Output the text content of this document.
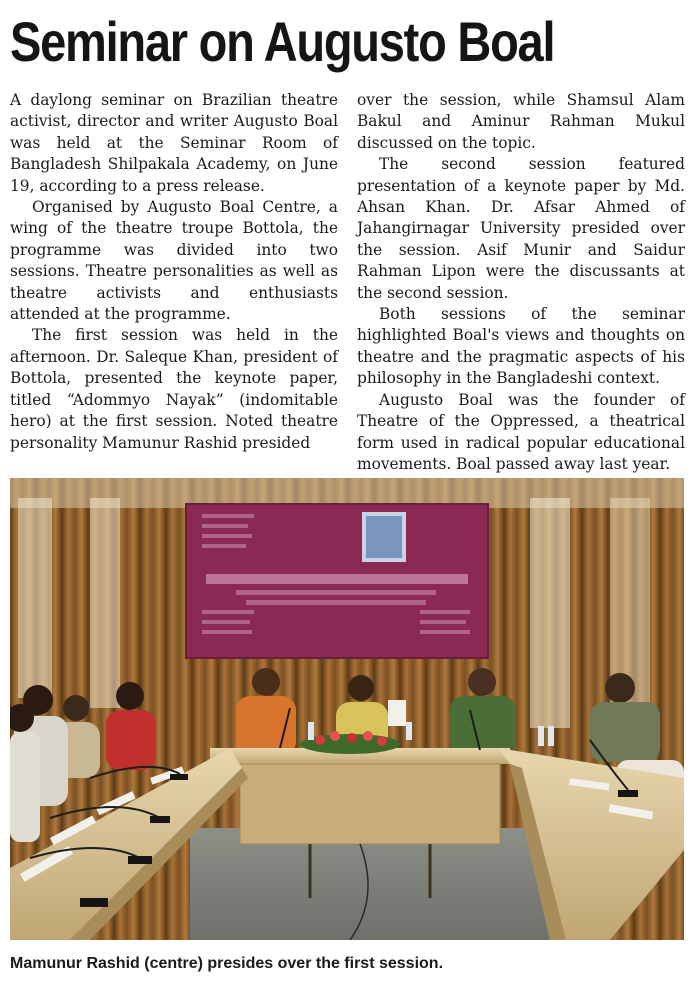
Seminar on Augusto Boal

A daylong seminar on Brazilian theatre activist, director and writer Augusto Boal was held at the Seminar Room of Bangladesh Shilpakala Academy, on June 19, according to a press release.

Organised by Augusto Boal Centre, a wing of the theatre troupe Bottola, the programme was divided into two sessions. Theatre personalities as well as theatre activists and enthusiasts attended at the programme.

The first session was held in the afternoon. Dr. Saleque Khan, president of Bottola, presented the keynote paper, titled “Adommyo Nayak” (indomitable hero) at the first session. Noted theatre personality Mamunur Rashid presided

over the session, while Shamsul Alam Bakul and Aminur Rahman Mukul discussed on the topic.

The second session featured presentation of a keynote paper by Md. Ahsan Khan. Dr. Afsar Ahmed of Jahangirnagar University presided over the session. Asif Munir and Saidur Rahman Lipon were the discussants at the second session.

Both sessions of the seminar highlighted Boal's views and thoughts on theatre and the pragmatic aspects of his philosophy in the Bangladeshi context.

Augusto Boal was the founder of Theatre of the Oppressed, a theatrical form used in radical popular educational movements. Boal passed away last year.

Mamunur Rashid (centre) presides over the first session.
